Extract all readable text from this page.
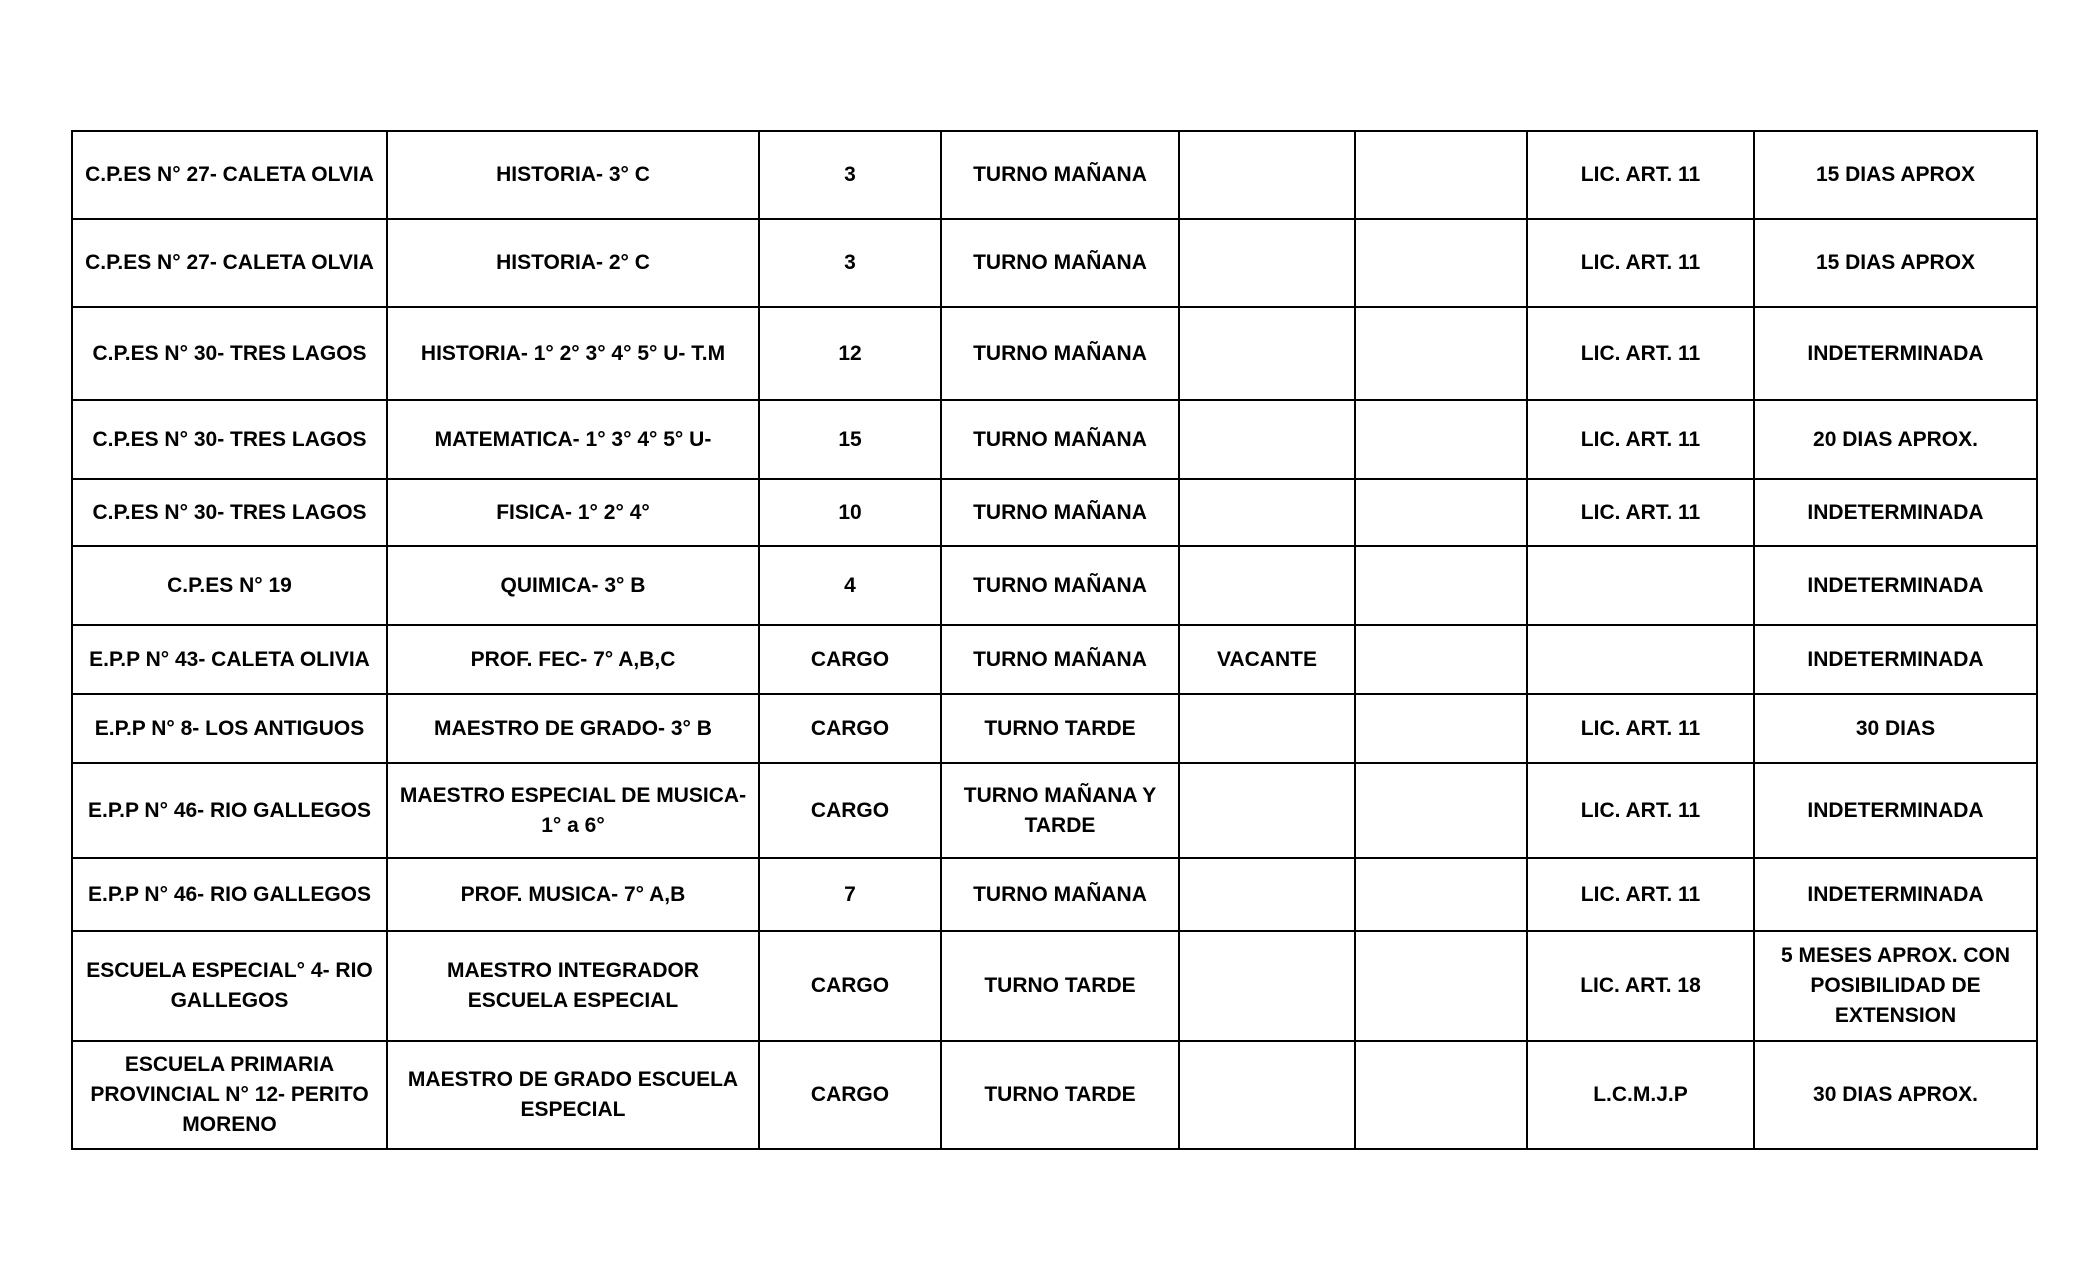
C.P.ES N° 27- CALETA OLVIA	HISTORIA- 3° C	3	TURNO MAÑANA			LIC. ART. 11	15 DIAS APROX
C.P.ES N° 27- CALETA OLVIA	HISTORIA- 2° C	3	TURNO MAÑANA			LIC. ART. 11	15 DIAS APROX
C.P.ES N° 30- TRES LAGOS	HISTORIA- 1° 2° 3° 4° 5° U- T.M	12	TURNO MAÑANA			LIC. ART. 11	INDETERMINADA
C.P.ES N° 30- TRES LAGOS	MATEMATICA- 1° 3° 4° 5° U-	15	TURNO MAÑANA			LIC. ART. 11	20 DIAS APROX.
C.P.ES N° 30- TRES LAGOS	FISICA- 1° 2° 4°	10	TURNO MAÑANA			LIC. ART. 11	INDETERMINADA
C.P.ES N° 19	QUIMICA- 3° B	4	TURNO MAÑANA				INDETERMINADA
E.P.P N° 43- CALETA OLIVIA	PROF. FEC- 7° A,B,C	CARGO	TURNO MAÑANA	VACANTE			INDETERMINADA
E.P.P N° 8- LOS ANTIGUOS	MAESTRO DE GRADO- 3° B	CARGO	TURNO TARDE			LIC. ART. 11	30 DIAS
E.P.P N° 46- RIO GALLEGOS	MAESTRO ESPECIAL DE MUSICA- 1° a 6°	CARGO	TURNO MAÑANA Y TARDE			LIC. ART. 11	INDETERMINADA
E.P.P N° 46- RIO GALLEGOS	PROF. MUSICA- 7° A,B	7	TURNO MAÑANA			LIC. ART. 11	INDETERMINADA
ESCUELA ESPECIAL° 4- RIO GALLEGOS	MAESTRO INTEGRADOR ESCUELA ESPECIAL	CARGO	TURNO TARDE			LIC. ART. 18	5 MESES APROX. CON POSIBILIDAD DE EXTENSION
ESCUELA PRIMARIA PROVINCIAL N° 12- PERITO MORENO	MAESTRO DE GRADO ESCUELA ESPECIAL	CARGO	TURNO TARDE			L.C.M.J.P	30 DIAS APROX.
